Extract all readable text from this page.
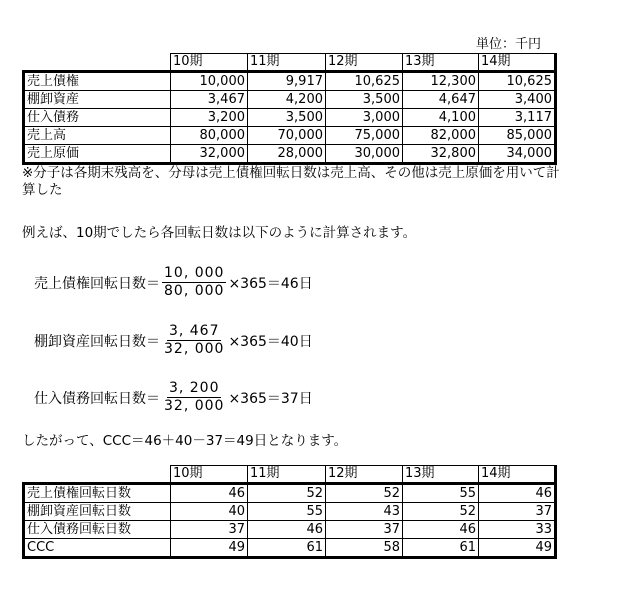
単位：千円
	10期	11期	12期	13期	14期
売上債権	10,000	9,917	10,625	12,300	10,625
棚卸資産	3,467	4,200	3,500	4,647	3,400
仕入債務	3,200	3,500	3,000	4,100	3,117
売上高	80,000	70,000	75,000	82,000	85,000
売上原価	32,000	28,000	30,000	32,800	34,000
※分子は各期末残高を、分母は売上債権回転日数は売上高、その他は売上原価を用いて計算した
例えば、10期でしたら各回転日数は以下のように計算されます。
売上債権回転日数＝ $\frac{10, 000}{80, 000} \times 365=46$日
棚卸資産回転日数＝ $\frac{3, 467}{32, 000} \times 365=40$日
仕入債務回転日数＝ $\frac{3, 200}{32, 000} \times 365=37$日
したがって、CCC＝46＋40－37＝49日となります。
	10期	11期	12期	13期	14期
売上債権回転日数	46	52	52	55	46
棚卸資産回転日数	40	55	43	52	37
仕入債務回転日数	37	46	37	46	33
CCC	49	61	58	61	49
